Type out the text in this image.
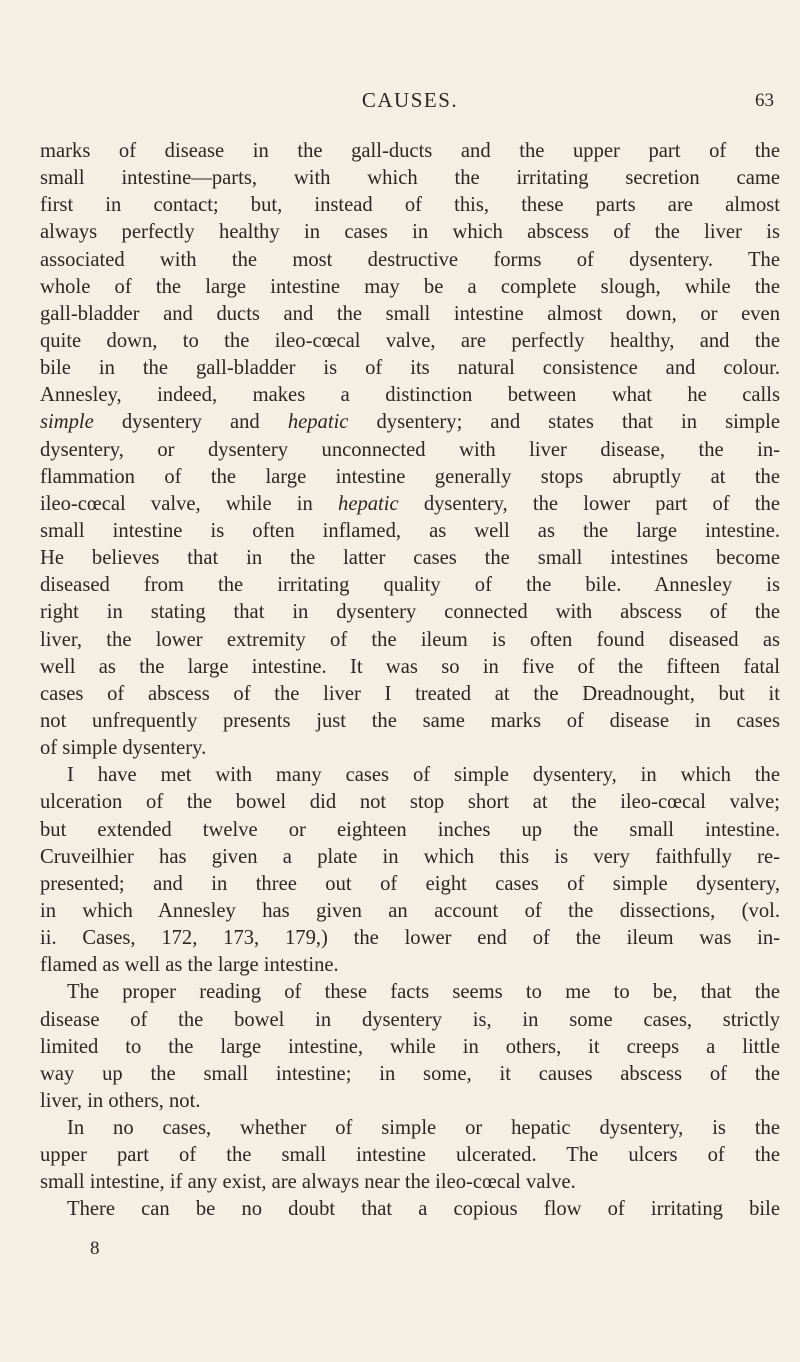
CAUSES.	63
marks of disease in the gall-ducts and the upper part of the
small intestine—parts, with which the irritating secretion came
first in contact; but, instead of this, these parts are almost
always perfectly healthy in cases in which abscess of the liver is
associated with the most destructive forms of dysentery. The
whole of the large intestine may be a complete slough, while the
gall-bladder and ducts and the small intestine almost down, or even
quite down, to the ileo-cœcal valve, are perfectly healthy, and the
bile in the gall-bladder is of its natural consistence and colour.
Annesley, indeed, makes a distinction between what he calls
simple dysentery and hepatic dysentery; and states that in simple
dysentery, or dysentery unconnected with liver disease, the in-
flammation of the large intestine generally stops abruptly at the
ileo-cœcal valve, while in hepatic dysentery, the lower part of the
small intestine is often inflamed, as well as the large intestine.
He believes that in the latter cases the small intestines become
diseased from the irritating quality of the bile. Annesley is
right in stating that in dysentery connected with abscess of the
liver, the lower extremity of the ileum is often found diseased as
well as the large intestine. It was so in five of the fifteen fatal
cases of abscess of the liver I treated at the Dreadnought, but it
not unfrequently presents just the same marks of disease in cases
of simple dysentery.
I have met with many cases of simple dysentery, in which the
ulceration of the bowel did not stop short at the ileo-cœcal valve;
but extended twelve or eighteen inches up the small intestine.
Cruveilhier has given a plate in which this is very faithfully re-
presented; and in three out of eight cases of simple dysentery,
in which Annesley has given an account of the dissections, (vol.
ii. Cases, 172, 173, 179,) the lower end of the ileum was in-
flamed as well as the large intestine.
The proper reading of these facts seems to me to be, that the
disease of the bowel in dysentery is, in some cases, strictly
limited to the large intestine, while in others, it creeps a little
way up the small intestine; in some, it causes abscess of the
liver, in others, not.
In no cases, whether of simple or hepatic dysentery, is the
upper part of the small intestine ulcerated. The ulcers of the
small intestine, if any exist, are always near the ileo-cœcal valve.
There can be no doubt that a copious flow of irritating bile
8
